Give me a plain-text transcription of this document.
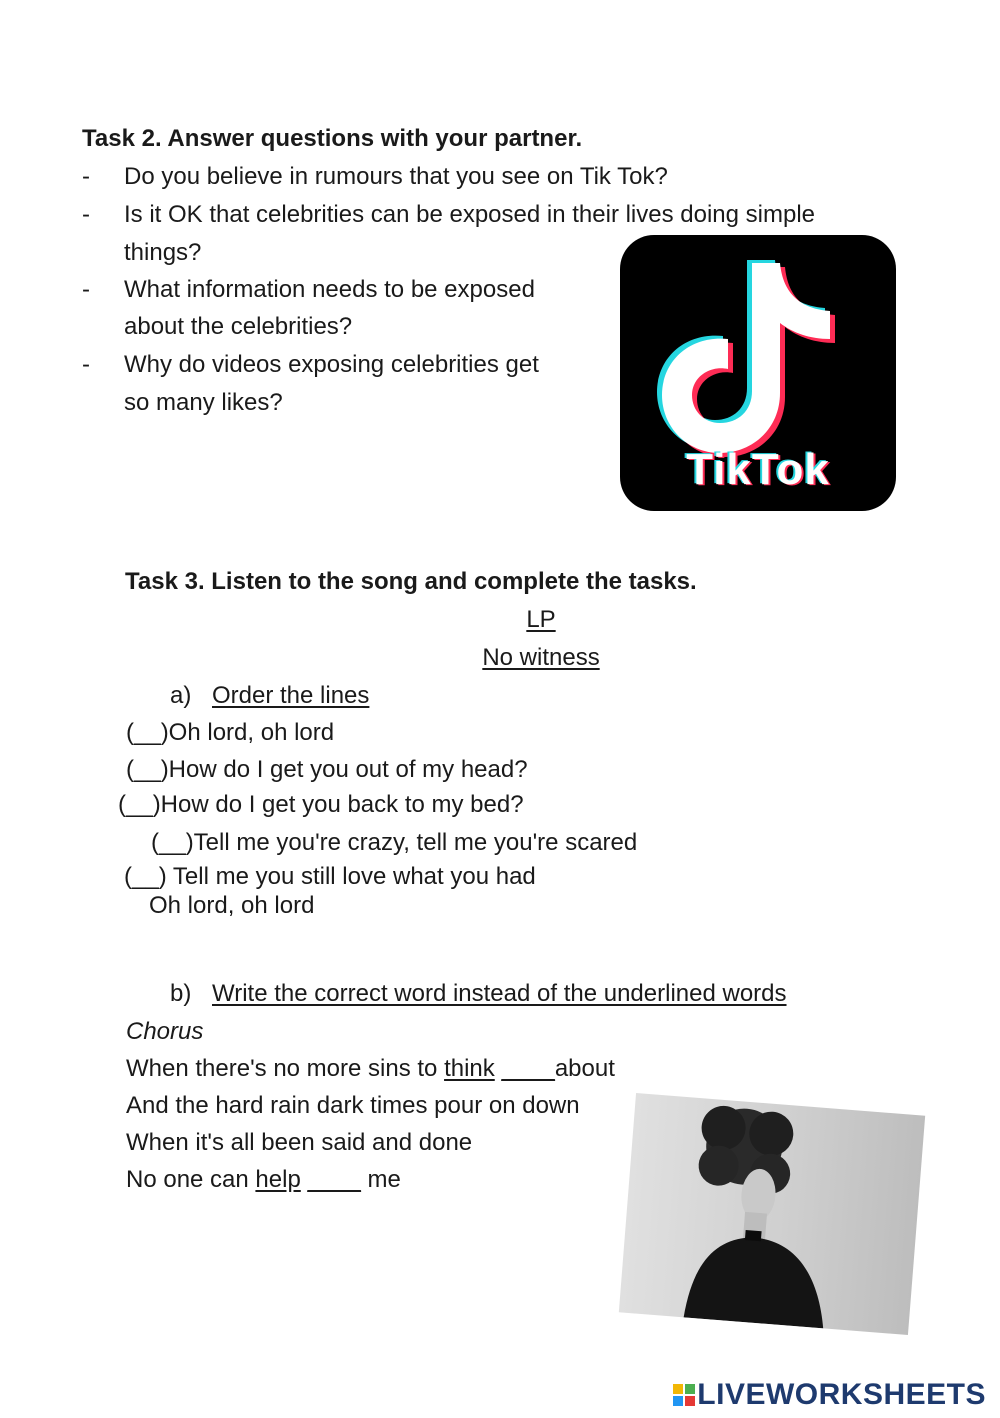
Task 2. Answer questions with your partner.
- Do you believe in rumours that you see on Tik Tok?
- Is it OK that celebrities can be exposed in their lives doing simple
things?
- What information needs to be exposed
about the celebrities?
- Why do videos exposing celebrities get
so many likes?
TikTok
Task 3. Listen to the song and complete the tasks.
LP
No witness
a) Order the lines
(__)Oh lord, oh lord
(__)How do I get you out of my head?
(__)How do I get you back to my bed?
(__)Tell me you're crazy, tell me you're scared
(__) Tell me you still love what you had
Oh lord, oh lord
b) Write the correct word instead of the underlined words
Chorus
When there's no more sins to think ____about
And the hard rain dark times pour on down
When it's all been said and done
No one can help ____ me
LIVEWORKSHEETS
